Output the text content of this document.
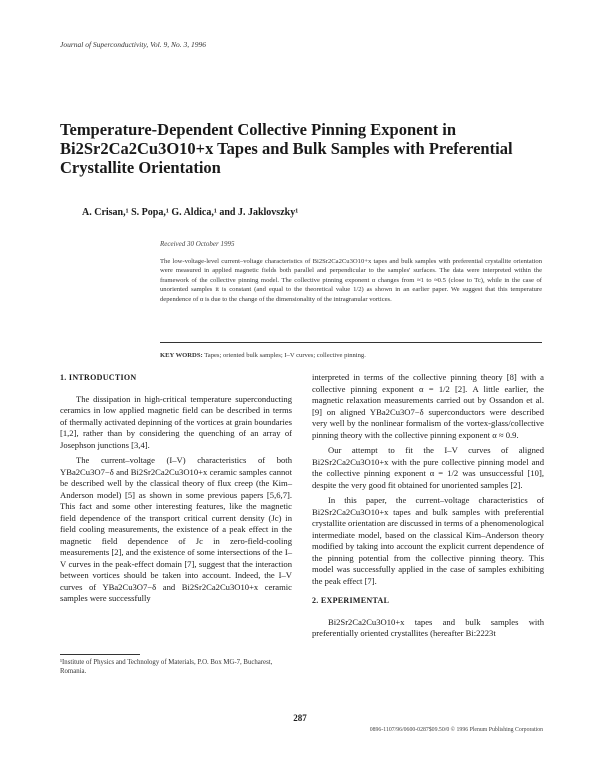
Journal of Superconductivity, Vol. 9, No. 3, 1996
Temperature-Dependent Collective Pinning Exponent in Bi2Sr2Ca2Cu3O10+x Tapes and Bulk Samples with Preferential Crystallite Orientation
A. Crisan,¹ S. Popa,¹ G. Aldica,¹ and J. Jaklovszky¹
Received 30 October 1995
The low-voltage-level current–voltage characteristics of Bi2Sr2Ca2Cu3O10+x tapes and bulk samples with preferential crystallite orientation were measured in applied magnetic fields both parallel and perpendicular to the samples' surfaces. The data were interpreted within the framework of the collective pinning model. The collective pinning exponent α changes from ≈1 to ≈0.5 (close to Tc), while in the case of unoriented samples it is constant (and equal to the theoretical value 1/2) as shown in an earlier paper. We suggest that this temperature dependence of α is due to the change of the dimensionality of the intragranular vortices.
KEY WORDS: Tapes; oriented bulk samples; I–V curves; collective pinning.
1. INTRODUCTION

The dissipation in high-critical temperature superconducting ceramics in low applied magnetic field can be described in terms of thermally activated depinning of the vortices at grain boundaries [1,2], rather than by considering the quenching of an array of Josephson junctions [3,4].

The current–voltage (I–V) characteristics of both YBa2Cu3O7−δ and Bi2Sr2Ca2Cu3O10+x ceramic samples cannot be described well by the classical theory of flux creep (the Kim–Anderson model) [5] as shown in some previous papers [5,6,7]. This fact and some other interesting features, like the magnetic field dependence of the transport critical current density (Jc) in field cooling measurements, the existence of a peak effect in the magnetic field dependence of Jc in zero-field-cooling measurements [2], and the existence of some intersections of the I–V curves in the peak-effect domain [7], suggest that the interaction between vortices should be taken into account. Indeed, the I–V curves of YBa2Cu3O7−δ and Bi2Sr2Ca2Cu3O10+x ceramic samples were successfully

interpreted in terms of the collective pinning theory [8] with a collective pinning exponent α = 1/2 [2]. A little earlier, the magnetic relaxation measurements carried out by Ossandon et al. [9] on aligned YBa2Cu3O7−δ superconductors were described very well by the nonlinear formalism of the vortex-glass/collective pinning theory with the collective pinning exponent α ≈ 0.9.

Our attempt to fit the I–V curves of aligned Bi2Sr2Ca2Cu3O10+x with the pure collective pinning model and the collective pinning exponent α = 1/2 was unsuccessful [10], despite the very good fit obtained for unoriented samples [2].

In this paper, the current–voltage characteristics of Bi2Sr2Ca2Cu3O10+x tapes and bulk samples with preferential crystallite orientation are discussed in terms of a phenomenological intermediate model, based on the classical Kim–Anderson theory modified by taking into account the explicit current dependence of the pinning potential from the collective pinning theory. This model was successfully applied in the case of samples exhibiting the peak effect [7].

2. EXPERIMENTAL

Bi2Sr2Ca2Cu3O10+x tapes and bulk samples with preferentially oriented crystallites (hereafter Bi:2223t

¹Institute of Physics and Technology of Materials, P.O. Box MG-7, Bucharest, Romania.
287
0896-1107/96/0600-0287$09.50/0 © 1996 Plenum Publishing Corporation
